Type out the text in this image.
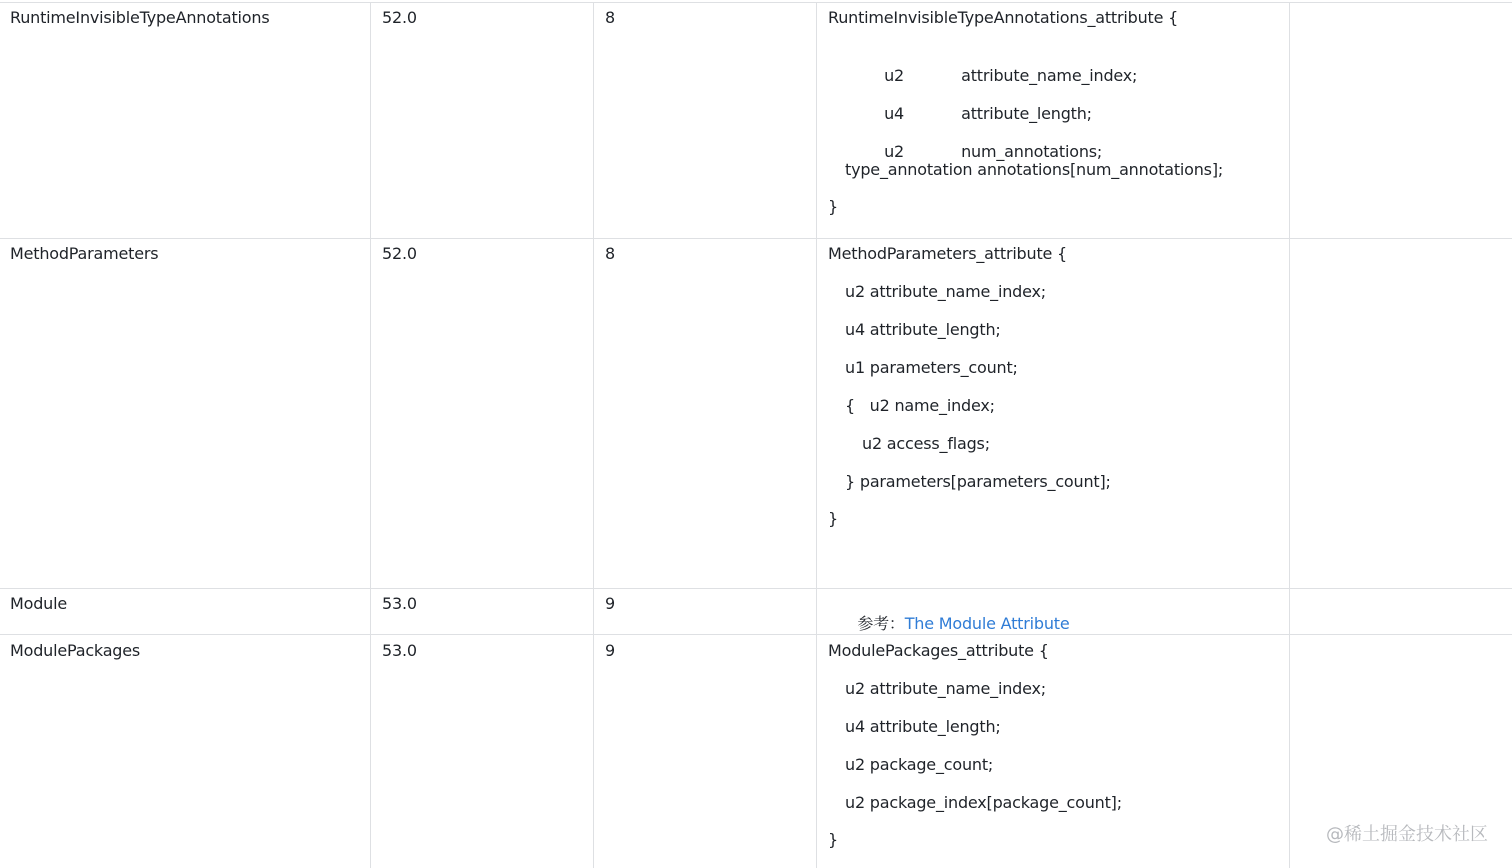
RuntimeInvisibleTypeAnnotations	52.0	8	RuntimeInvisibleTypeAnnotations_attribute {

u2	attribute_name_index;

u4	attribute_length;

u2	num_annotations;

type_annotation annotations[num_annotations];
}
MethodParameters	52.0	8	MethodParameters_attribute {
u2 attribute_name_index;
u4 attribute_length;
u1 parameters_count;
{   u2 name_index;
u2 access_flags;
} parameters[parameters_count];
}
Module	53.0	9

参考：The Module Attribute

ModulePackages	53.0	9	ModulePackages_attribute {
u2 attribute_name_index;
u4 attribute_length;
u2 package_count;
u2 package_index[package_count];
}	@稀土掘金技术社区
